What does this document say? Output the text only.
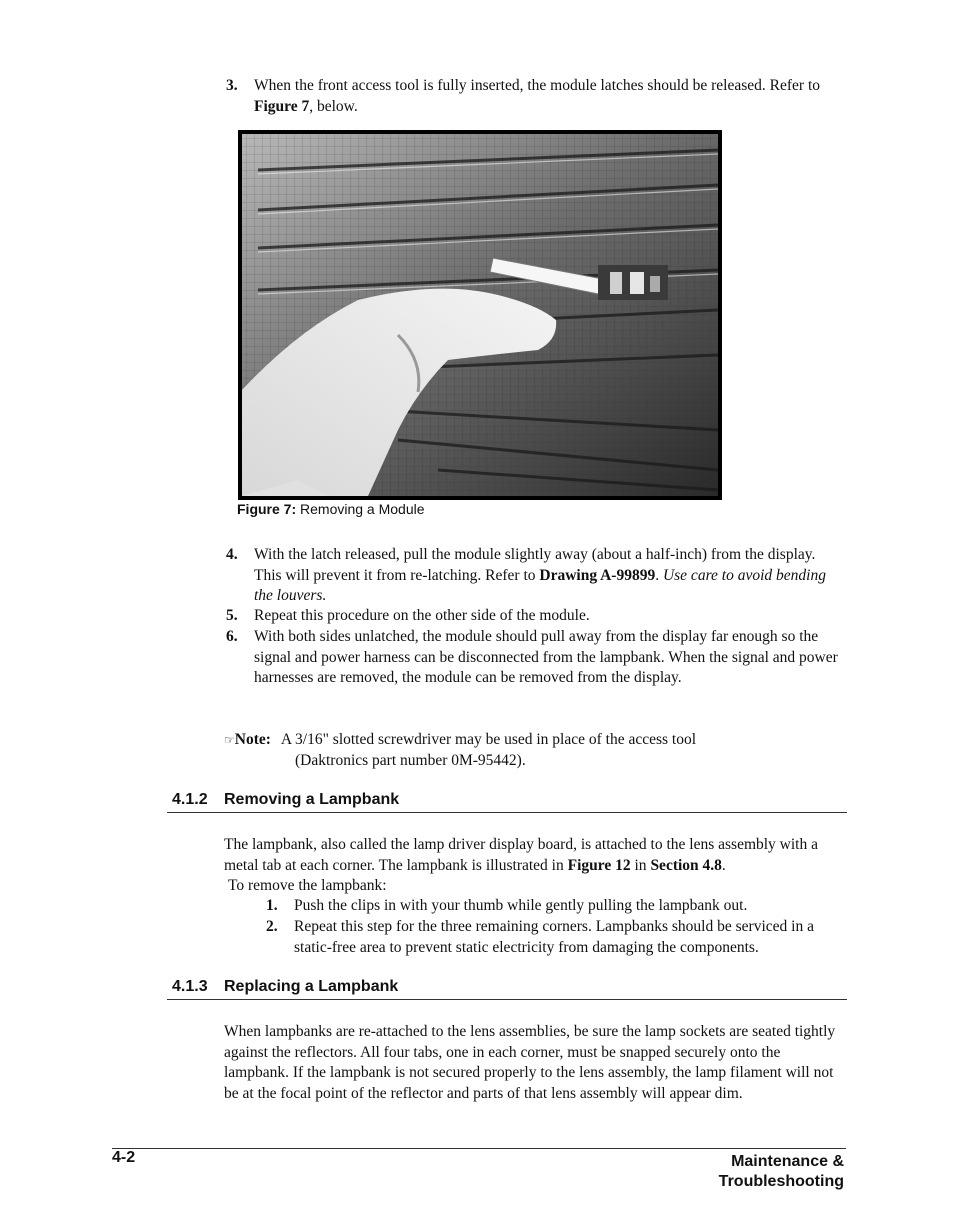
3. When the front access tool is fully inserted, the module latches should be released. Refer to Figure 7, below.
Figure 7: Removing a Module
4. With the latch released, pull the module slightly away (about a half-inch) from the display. This will prevent it from re-latching. Refer to Drawing A-99899. Use care to avoid bending the louvers.
5. Repeat this procedure on the other side of the module.
6. With both sides unlatched, the module should pull away from the display far enough so the signal and power harness can be disconnected from the lampbank. When the signal and power harnesses are removed, the module can be removed from the display.
☞Note: A 3/16" slotted screwdriver may be used in place of the access tool
(Daktronics part number 0M-95442).
4.1.2 Removing a Lampbank
The lampbank, also called the lamp driver display board, is attached to the lens assembly with a metal tab at each corner. The lampbank is illustrated in Figure 12 in Section 4.8.
To remove the lampbank:
1. Push the clips in with your thumb while gently pulling the lampbank out.
2. Repeat this step for the three remaining corners. Lampbanks should be serviced in a static-free area to prevent static electricity from damaging the components.
4.1.3 Replacing a Lampbank
When lampbanks are re-attached to the lens assemblies, be sure the lamp sockets are seated tightly against the reflectors. All four tabs, one in each corner, must be snapped securely onto the lampbank. If the lampbank is not secured properly to the lens assembly, the lamp filament will not be at the focal point of the reflector and parts of that lens assembly will appear dim.
4-2	Maintenance &
Troubleshooting
